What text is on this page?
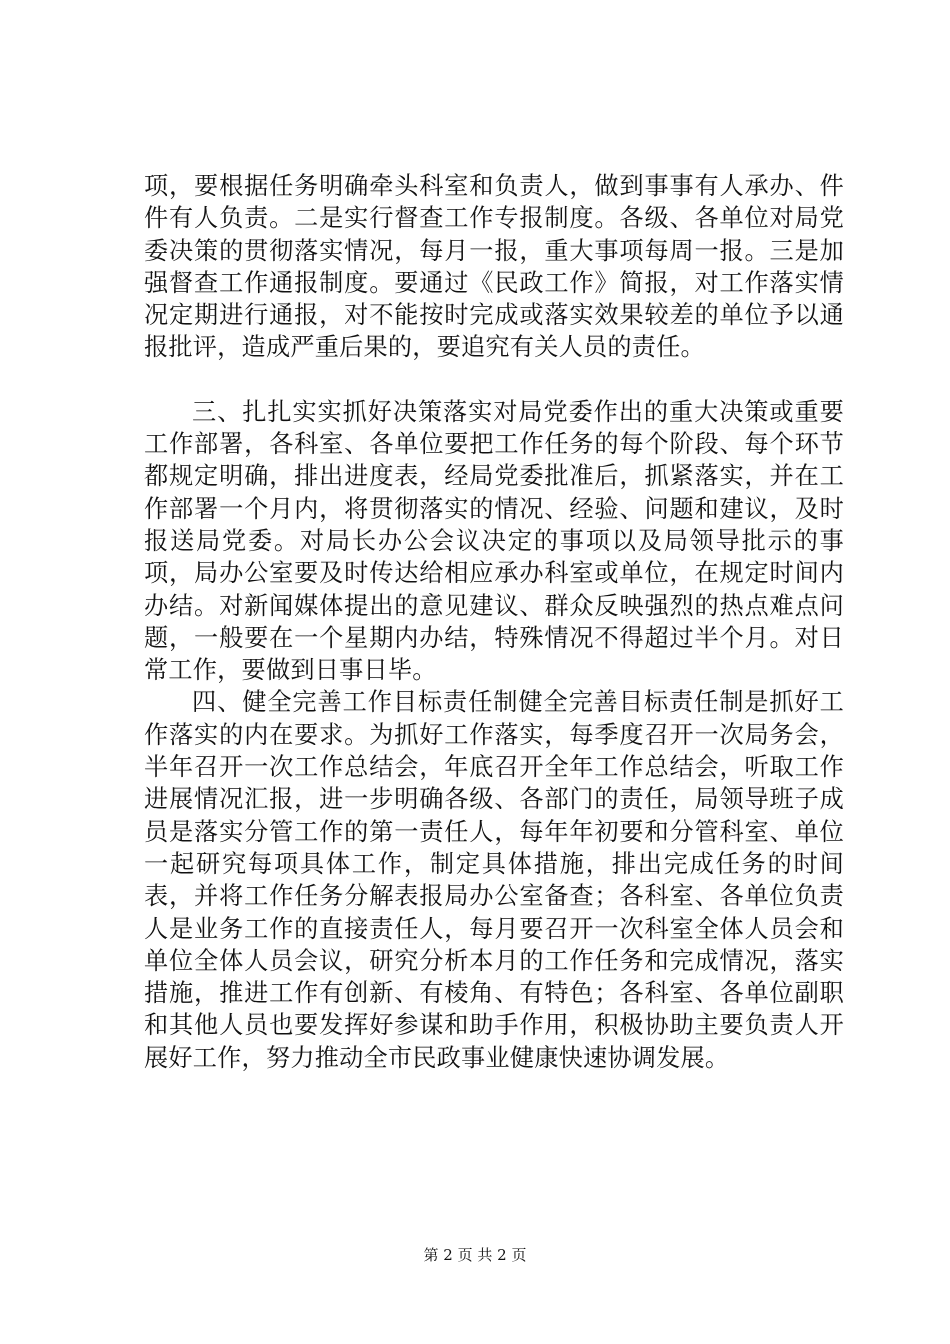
项，要根据任务明确牵头科室和负责人，做到事事有人承办、件件有人负责。二是实行督查工作专报制度。各级、各单位对局党委决策的贯彻落实情况，每月一报，重大事项每周一报。三是加强督查工作通报制度。要通过《民政工作》简报，对工作落实情况定期进行通报，对不能按时完成或落实效果较差的单位予以通报批评，造成严重后果的，要追究有关人员的责任。

三、扎扎实实抓好决策落实对局党委作出的重大决策或重要工作部署，各科室、各单位要把工作任务的每个阶段、每个环节都规定明确，排出进度表，经局党委批准后，抓紧落实，并在工作部署一个月内，将贯彻落实的情况、经验、问题和建议，及时报送局党委。对局长办公会议决定的事项以及局领导批示的事项，局办公室要及时传达给相应承办科室或单位，在规定时间内办结。对新闻媒体提出的意见建议、群众反映强烈的热点难点问题，一般要在一个星期内办结，特殊情况不得超过半个月。对日常工作，要做到日事日毕。

四、健全完善工作目标责任制健全完善目标责任制是抓好工作落实的内在要求。为抓好工作落实，每季度召开一次局务会，半年召开一次工作总结会，年底召开全年工作总结会，听取工作进展情况汇报，进一步明确各级、各部门的责任，局领导班子成员是落实分管工作的第一责任人，每年年初要和分管科室、单位一起研究每项具体工作，制定具体措施，排出完成任务的时间表，并将工作任务分解表报局办公室备查；各科室、各单位负责人是业务工作的直接责任人，每月要召开一次科室全体人员会和单位全体人员会议，研究分析本月的工作任务和完成情况，落实措施，推进工作有创新、有棱角、有特色；各科室、各单位副职和其他人员也要发挥好参谋和助手作用，积极协助主要负责人开展好工作，努力推动全市民政事业健康快速协调发展。

第 2 页 共 2 页
